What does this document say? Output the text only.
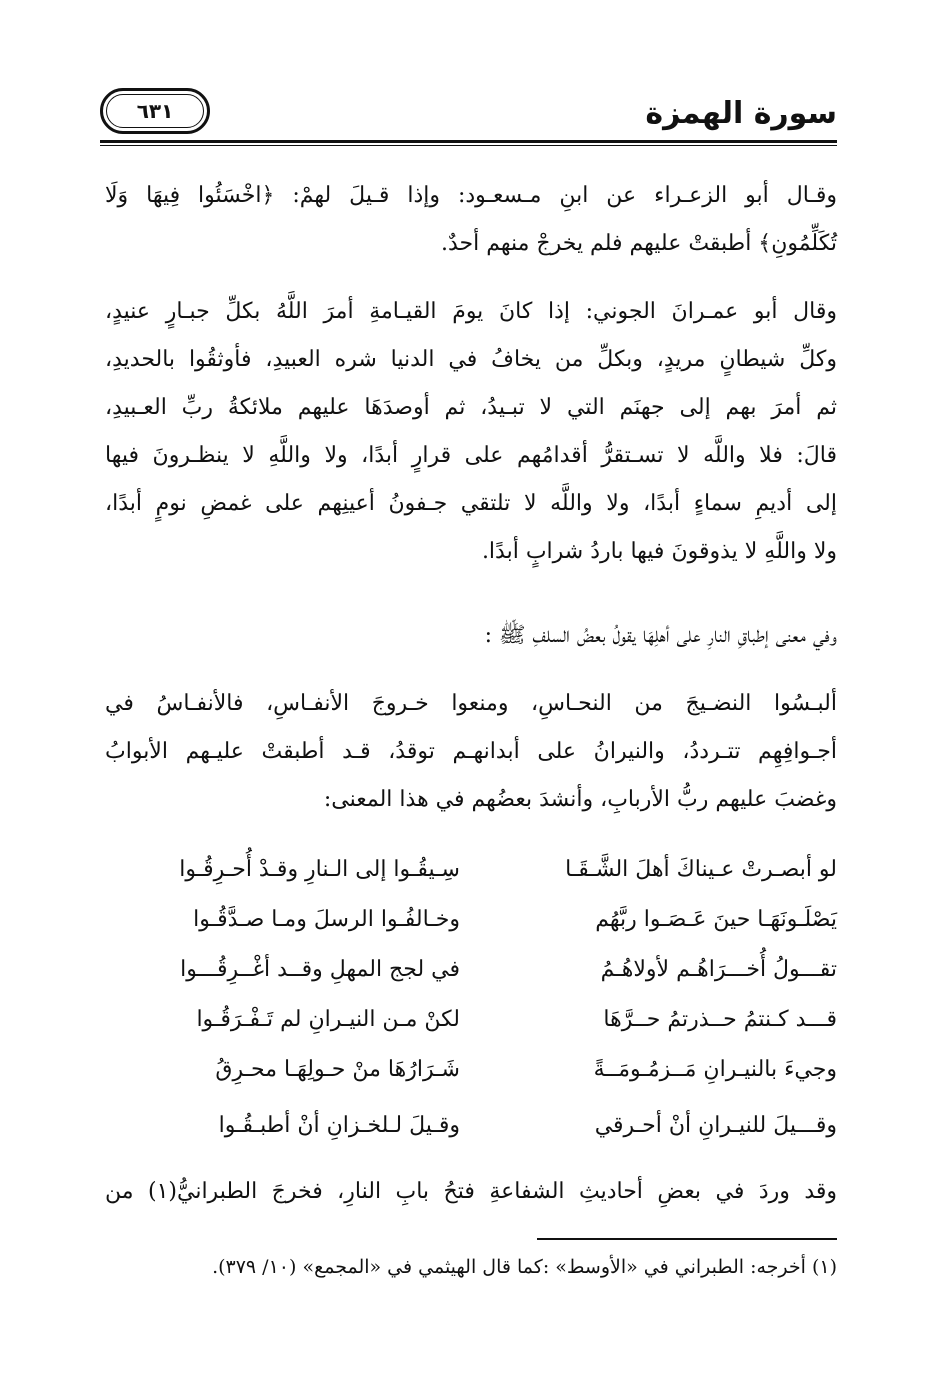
سورة الهمزة
٦٣١
وقـال أبو الزعـراء عن ابنِ مـسعـود: وإذا قـيلَ لهمْ: ﴿اخْسَئُوا فِيهَا وَلَا
تُكَلِّمُونِ﴾ أطبقتْ عليهم فلم يخرجْ منهم أحدٌ.
وقال أبو عمـرانَ الجوني: إذا كانَ يومَ القيـامةِ أمرَ اللَّهُ بكلِّ جبـارٍ عنيدٍ،
وكلِّ شيطانٍ مريدٍ، وبكلِّ من يخافُ في الدنيا شره العبيدِ، فأوثقُوا بالحديدِ،
ثم أمرَ بهم إلى جهنَم التي لا تبـيدُ، ثم أوصدَهَا عليهم ملائكةُ ربِّ العـبيدِ،
قالَ: فلا واللَّه لا تسـتقرُّ أقدامُهم على قرارٍ أبدًا، ولا واللَّهِ لا ينظـرونَ فيها
إلى أديمِ سماءٍ أبدًا، ولا واللَّه لا تلتقي جـفونُ أعينِهم على غمضِ نومٍ أبدًا،
ولا واللَّهِ لا يذوقونَ فيها باردُ شرابٍ أبدًا.
وفي معنى إطباقِ النارِ على أهلِهَا يقولُ بعضُ السلفِ ﷺ :
ألبـسُوا النضـيجَ من النحـاسِ، ومنعوا خـروجَ الأنفـاسِ، فالأنفـاسُ في
أجـوافِهِم تتـرددُ، والنيرانُ على أبدانهـم توقدُ، قـد أطبقتْ عليـهم الأبوابُ
وغضبَ عليهم ربُّ الأربابِ، وأنشدَ بعضُهم في هذا المعنى:
لو أبصـرتْ عـيناكَ أهلَ الشَّـقَـا
سِـيقُـوا إلى الـنارِ وقـدْ أُحـرِقُـوا
يَصْلَـونَهَـا حينَ عَـصَـوا ربَّهُم
وخـالفُـوا الرسلَ ومـا صـدَّقُـوا
تقـــولُ أُخـــرَاهُـم لأولاهُـمُ
في لجج المهلِ وقــد أغْــرِقُـــوا
قـــد كـنتمُ حــذرتمُ حــرَّهَا
لكنْ مـن النيـرانِ لم تَـفْـرَقُـوا
وجيءَ بالنيـرانِ مَــزمُـومَــةً
شَـرَارُهَا منْ حـولِهَـا محـرِقُ
وقـــيلَ للنيـرانِ أنْ أحـرقي
وقـيلَ لـلخـزانِ أنْ أطبـقُـوا
وقد وردَ في بعضِ أحاديثِ الشفاعةِ فتحُ بابِ النارِ، فخرجَ الطبرانيُّ(١) من
(١) أخرجه: الطبراني في «الأوسط» :كما قال الهيثمي في «المجمع» (١٠/ ٣٧٩).
